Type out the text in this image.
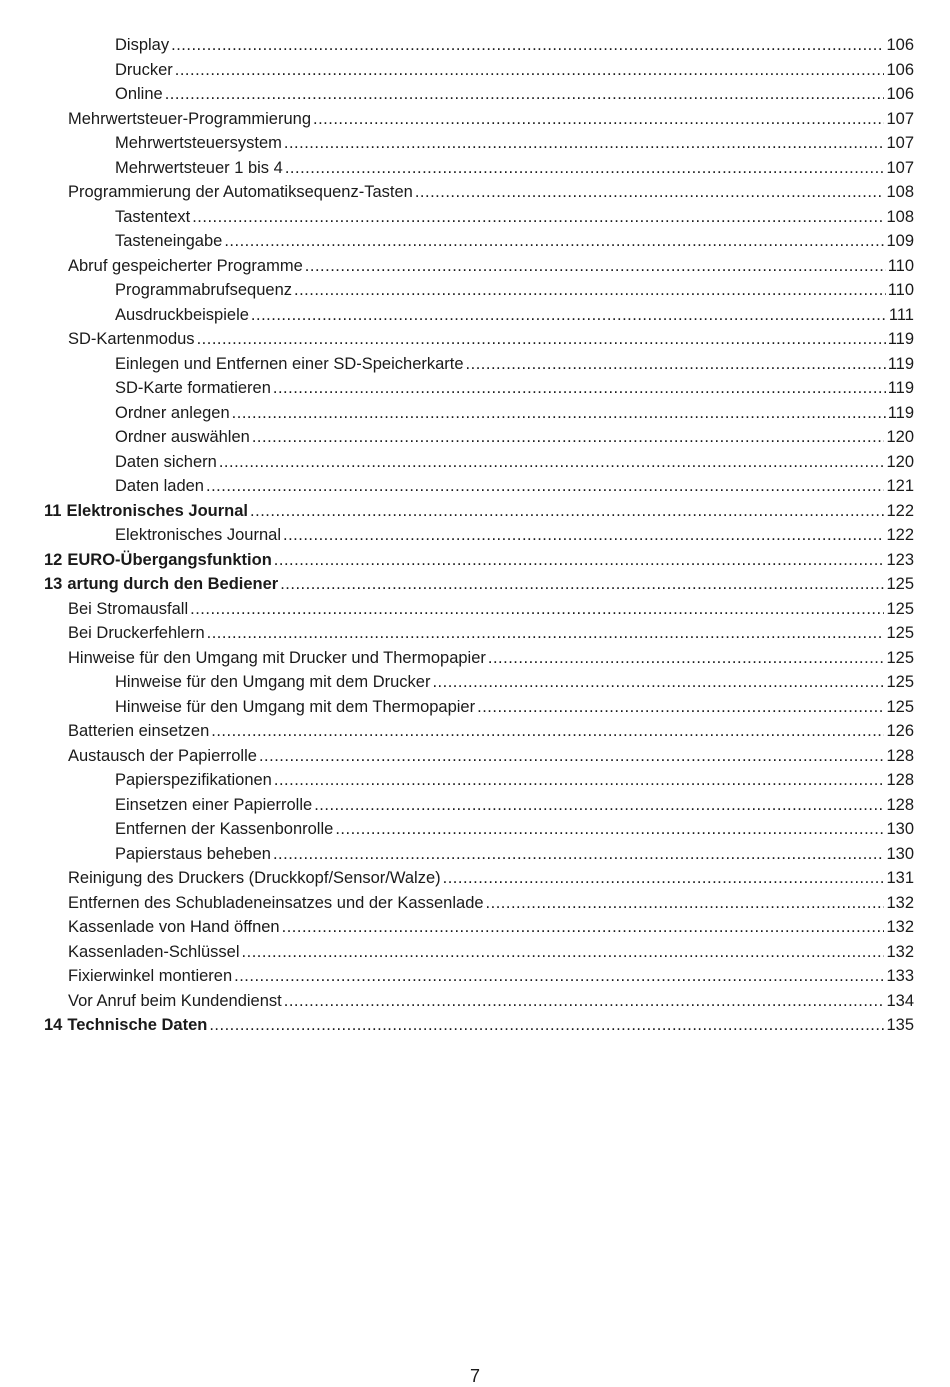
Display .....	106
Drucker .....	106
Online .....	106
Mehrwertsteuer-Programmierung .....	107
Mehrwertsteuersystem .....	107
Mehrwertsteuer 1 bis 4 .....	107
Programmierung der Automatiksequenz-Tasten .....	108
Tastentext .....	108
Tasteneingabe .....	109
Abruf gespeicherter Programme .....	110
Programmabrufsequenz .....	110
Ausdruckbeispiele .....	111
SD-Kartenmodus .....	119
Einlegen und Entfernen einer SD-Speicherkarte .....	119
SD-Karte formatieren .....	119
Ordner anlegen .....	119
Ordner auswählen .....	120
Daten sichern .....	120
Daten laden .....	121
11 Elektronisches Journal .....	122
Elektronisches Journal .....	122
12 EURO-Übergangsfunktion .....	123
13 artung durch den Bediener .....	125
Bei Stromausfall .....	125
Bei Druckerfehlern .....	125
Hinweise für den Umgang mit Drucker und Thermopapier .....	125
Hinweise für den Umgang mit dem Drucker .....	125
Hinweise für den Umgang mit dem Thermopapier .....	125
Batterien einsetzen .....	126
Austausch der Papierrolle .....	128
Papierspezifikationen .....	128
Einsetzen einer Papierrolle .....	128
Entfernen der Kassenbonrolle .....	130
Papierstaus beheben .....	130
Reinigung des Druckers (Druckkopf/Sensor/Walze) .....	131
Entfernen des Schubladeneinsatzes und der Kassenlade .....	132
Kassenlade von Hand öffnen .....	132
Kassenladen-Schlüssel .....	132
Fixierwinkel montieren .....	133
Vor Anruf beim Kundendienst .....	134
14 Technische Daten .....	135
7
